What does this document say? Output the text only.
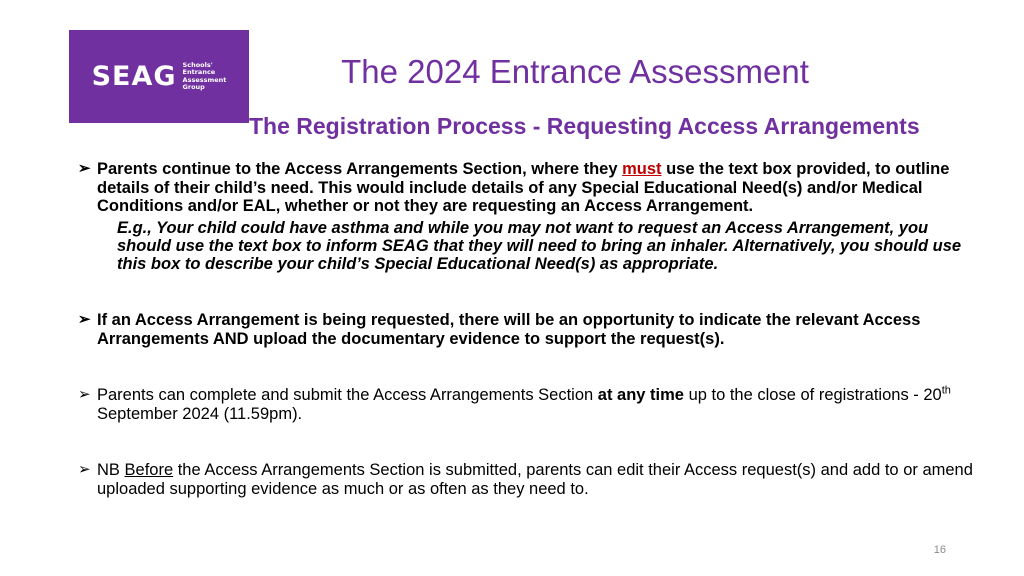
SEAG Schools'
Entrance
Assessment
Group	The 2024 Entrance Assessment
The Registration Process - Requesting Access Arrangements
➢ Parents continue to the Access Arrangements Section, where they must use the text box provided, to outline details of their child’s need. This would include details of any Special Educational Need(s) and/or Medical Conditions and/or EAL, whether or not they are requesting an Access Arrangement.
E.g., Your child could have asthma and while you may not want to request an Access Arrangement, you should use the text box to inform SEAG that they will need to bring an inhaler. Alternatively, you should use this box to describe your child’s Special Educational Need(s) as appropriate.
➢ If an Access Arrangement is being requested, there will be an opportunity to indicate the relevant Access Arrangements AND upload the documentary evidence to support the request(s).
➢ Parents can complete and submit the Access Arrangements Section at any time up to the close of registrations - 20th September 2024 (11.59pm).
➢ NB Before the Access Arrangements Section is submitted, parents can edit their Access request(s) and add to or amend uploaded supporting evidence as much or as often as they need to.
16
